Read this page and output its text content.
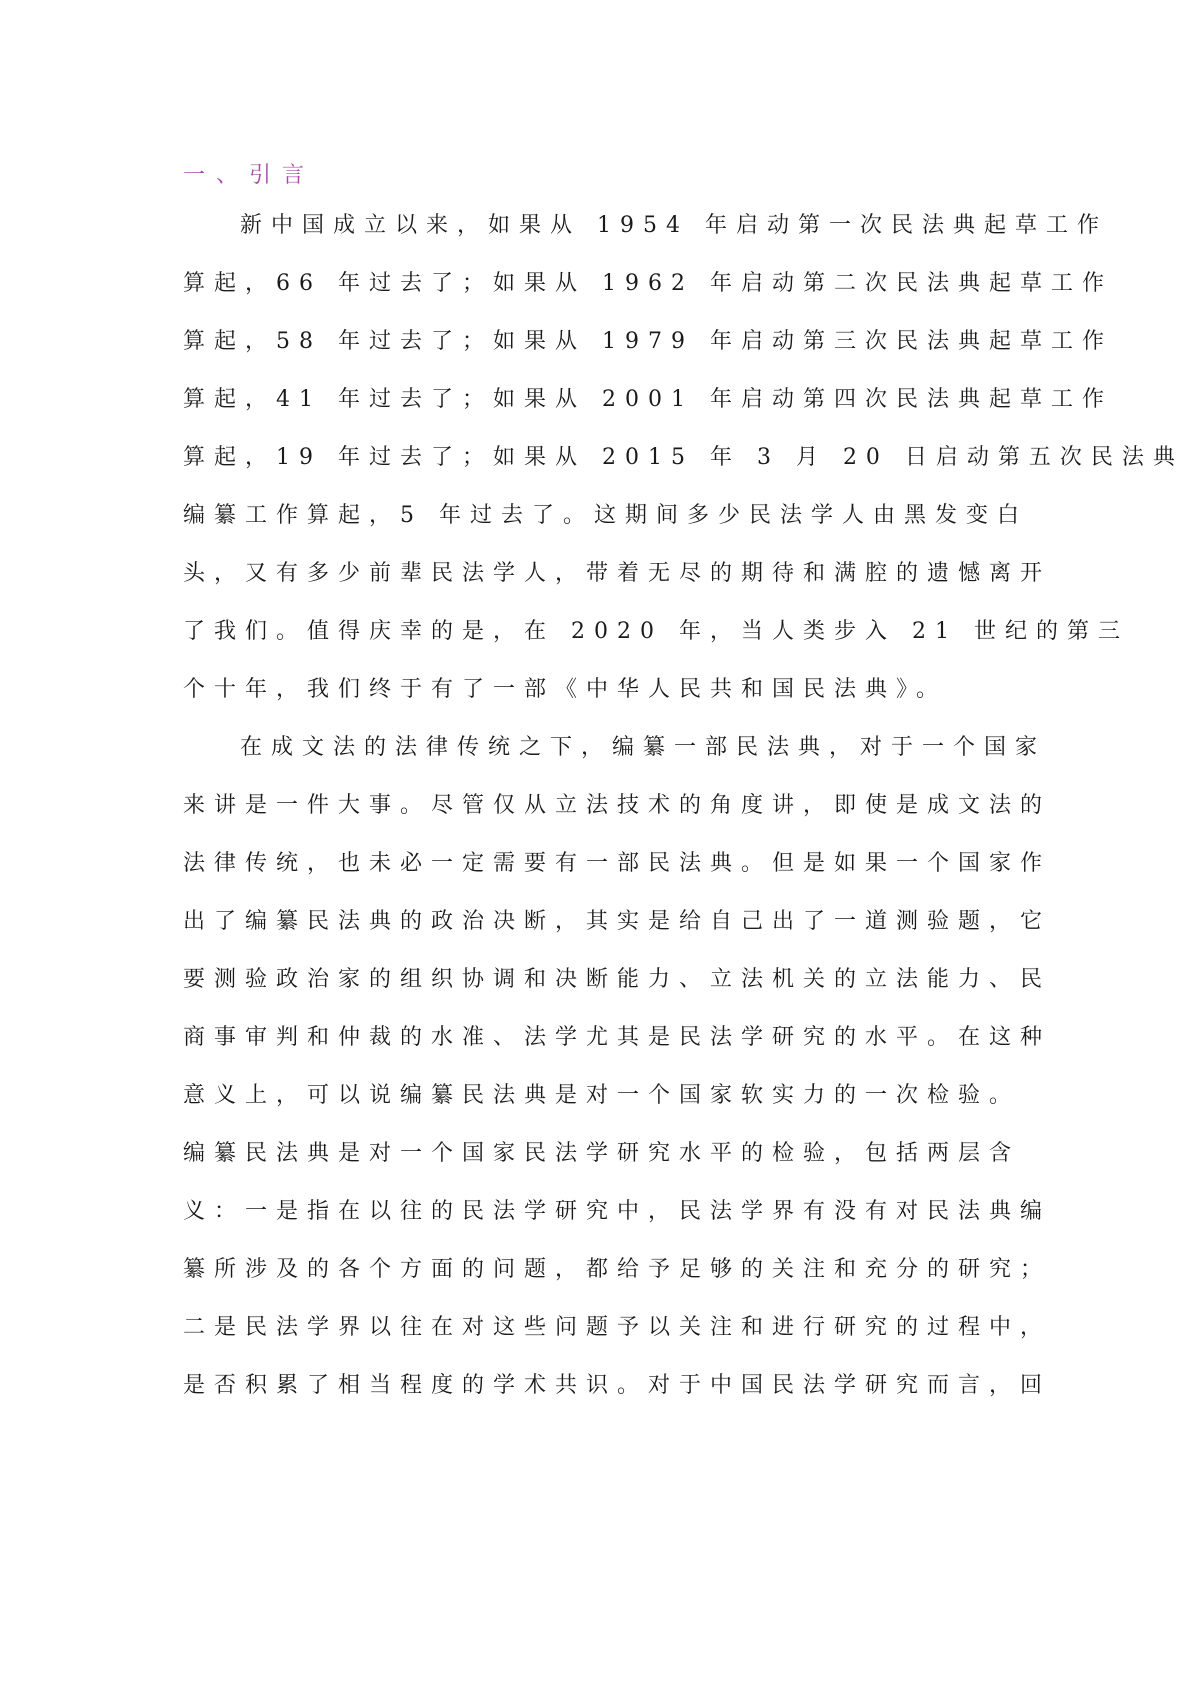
一、引言

新中国成立以来，如果从 1954 年启动第一次民法典起草工作

算起，66 年过去了；如果从 1962 年启动第二次民法典起草工作

算起，58 年过去了；如果从 1979 年启动第三次民法典起草工作

算起，41 年过去了；如果从 2001 年启动第四次民法典起草工作

算起，19 年过去了；如果从 2015 年 3 月 20 日启动第五次民法典

编纂工作算起，5 年过去了。这期间多少民法学人由黑发变白

头，又有多少前辈民法学人，带着无尽的期待和满腔的遗憾离开

了我们。值得庆幸的是，在 2020 年，当人类步入 21 世纪的第三

个十年，我们终于有了一部《中华人民共和国民法典》。

在成文法的法律传统之下，编纂一部民法典，对于一个国家

来讲是一件大事。尽管仅从立法技术的角度讲，即使是成文法的

法律传统，也未必一定需要有一部民法典。但是如果一个国家作

出了编纂民法典的政治决断，其实是给自己出了一道测验题，它

要测验政治家的组织协调和决断能力、立法机关的立法能力、民

商事审判和仲裁的水准、法学尤其是民法学研究的水平。在这种

意义上，可以说编纂民法典是对一个国家软实力的一次检验。

编纂民法典是对一个国家民法学研究水平的检验，包括两层含

义：一是指在以往的民法学研究中，民法学界有没有对民法典编

纂所涉及的各个方面的问题，都给予足够的关注和充分的研究；

二是民法学界以往在对这些问题予以关注和进行研究的过程中，

是否积累了相当程度的学术共识。对于中国民法学研究而言，回
